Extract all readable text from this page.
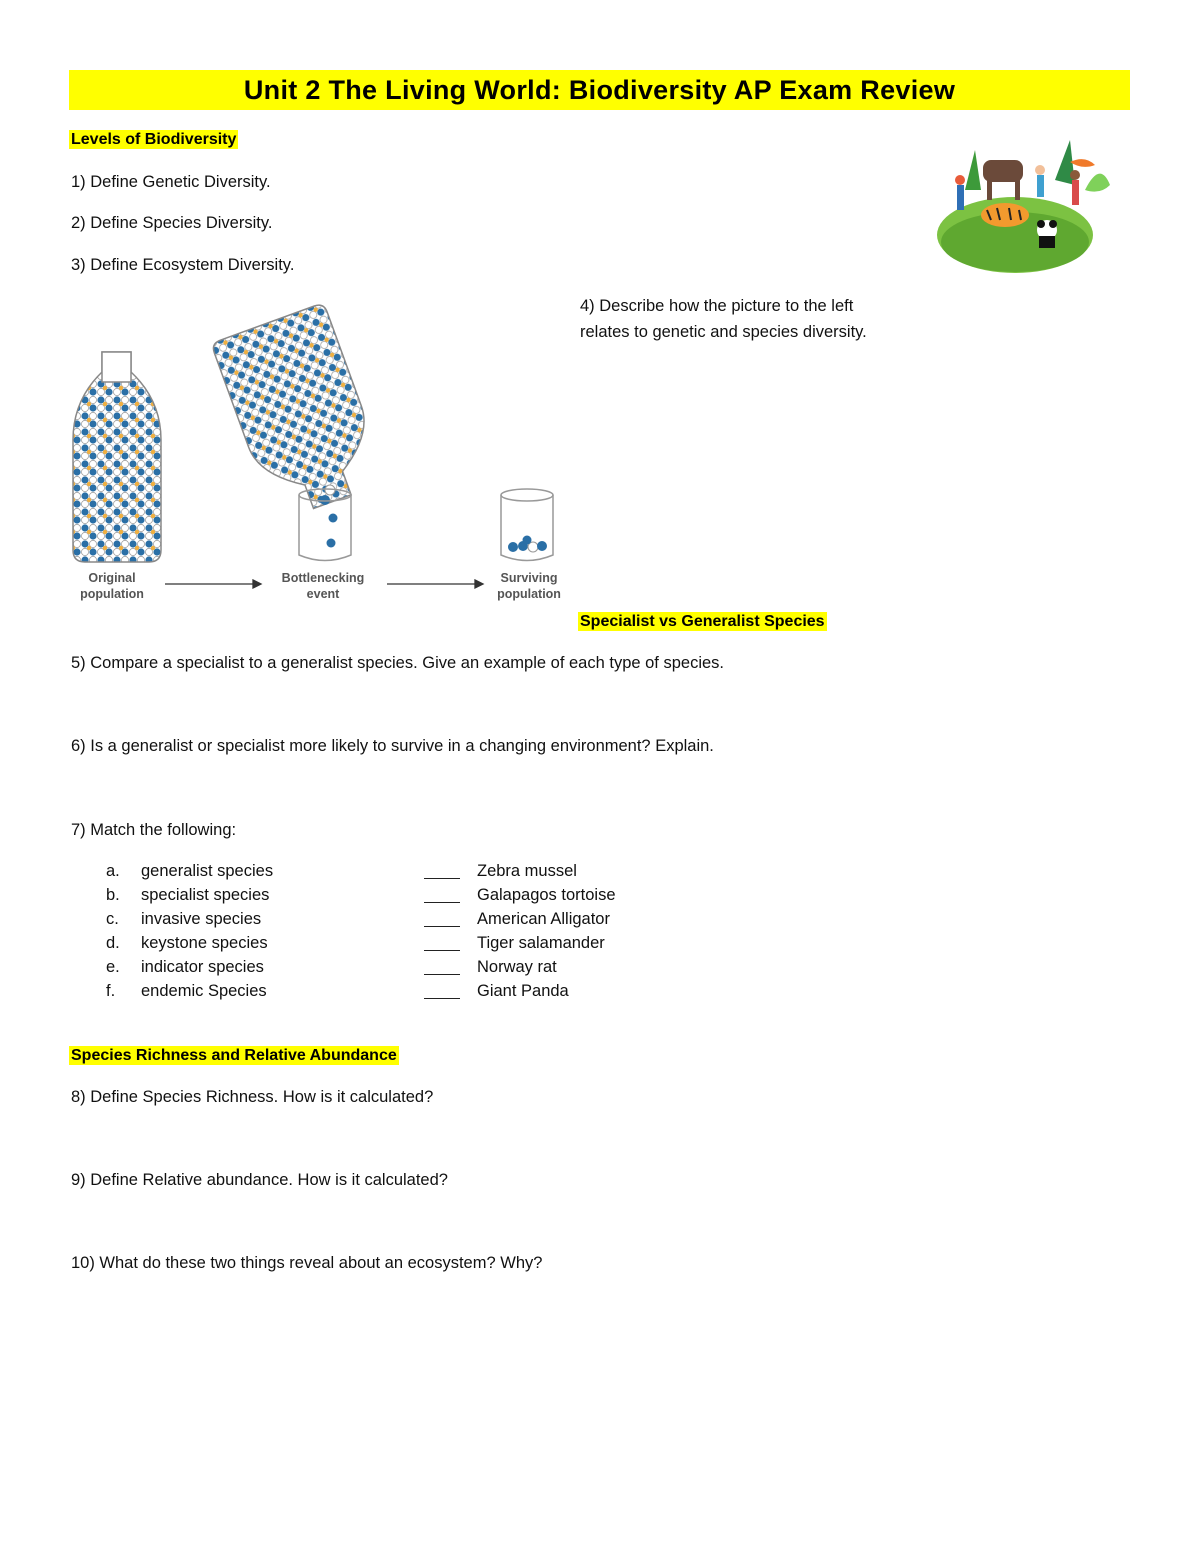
Unit 2 The Living World: Biodiversity AP Exam Review
Levels of Biodiversity
1) Define Genetic Diversity.
2) Define Species Diversity.
3) Define Ecosystem Diversity.
Original
population
Bottlenecking
event
Surviving
population
4) Describe how the picture to the left
relates to genetic and species diversity.
Specialist vs Generalist Species
5) Compare a specialist to a generalist species. Give an example of each type of species.
6) Is a generalist or specialist more likely to survive in a changing environment? Explain.
7) Match the following:
a. generalist species	Zebra mussel
b. specialist species	Galapagos tortoise
c. invasive species	American Alligator
d. keystone species	Tiger salamander
e. indicator species	Norway rat
f. endemic Species	Giant Panda
Species Richness and Relative Abundance
8) Define Species Richness. How is it calculated?
9) Define Relative abundance. How is it calculated?
10) What do these two things reveal about an ecosystem? Why?
